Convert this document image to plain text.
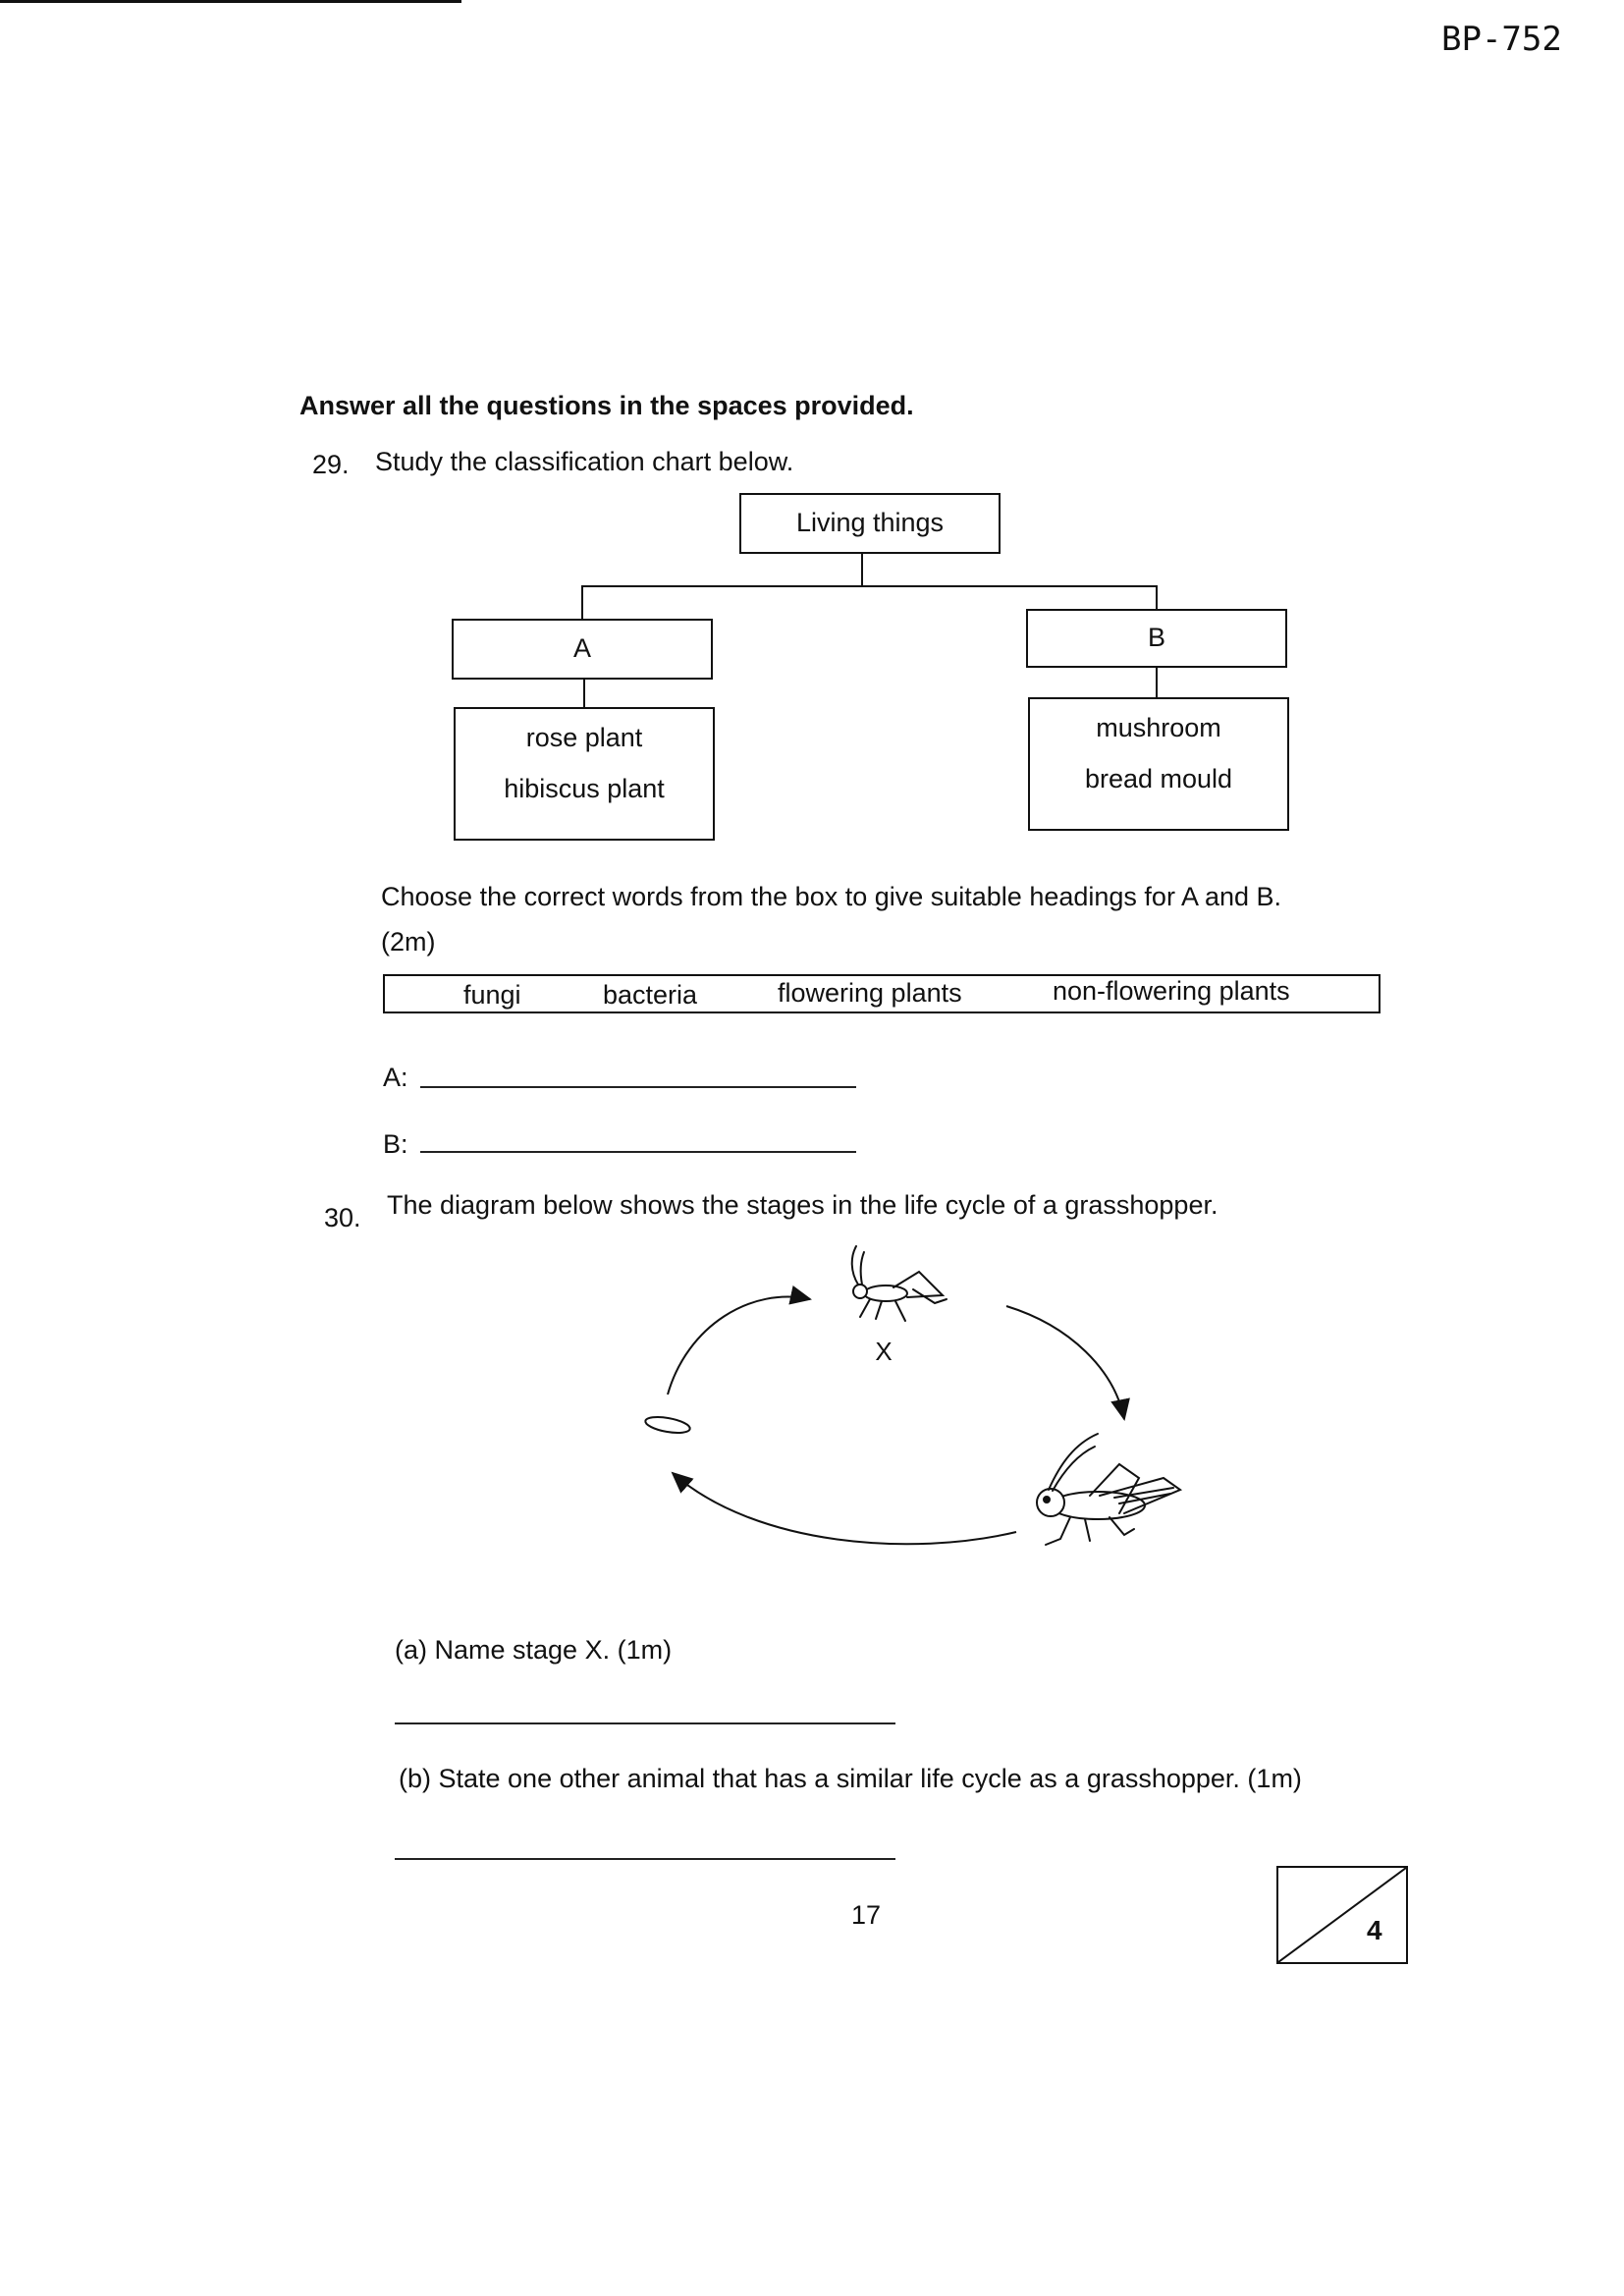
BP-752
Answer all the questions in the spaces provided.
29. Study the classification chart below.
Living things
A	B
rose plant
hibiscus plant
mushroom
bread mould
Choose the correct words from the box to give suitable headings for A and B.
(2m)
fungi	bacteria	flowering plants	non-flowering plants
A:
B:
30. The diagram below shows the stages in the life cycle of a grasshopper.
X
(a) Name stage X. (1m)
(b) State one other animal that has a similar life cycle as a grasshopper. (1m)
17	4
